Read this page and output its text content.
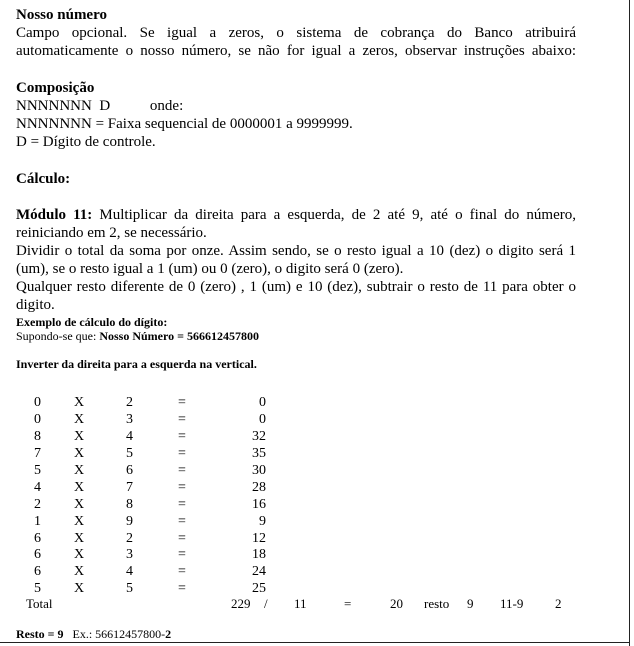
Nosso número
Campo opcional. Se igual a zeros, o sistema de cobrança do Banco atribuirá automaticamente o nosso número, se não for igual a zeros, observar instruções abaixo:
Composição
NNNNNNN  D	onde:
NNNNNNN = Faixa sequencial de 0000001 a 9999999.
D = Dígito de controle.
Cálculo:
Módulo 11: Multiplicar da direita para a esquerda, de 2 até 9, até o final do número, reiniciando em 2, se necessário.
Dividir o total da soma por onze. Assim sendo, se o resto igual a 10 (dez) o digito será 1 (um), se o resto igual a 1 (um) ou 0 (zero), o digito será 0 (zero).
Qualquer resto diferente de 0 (zero) , 1 (um) e 10 (dez), subtrair o resto de 11 para obter o digito.
Exemplo de cálculo do dígito:
Supondo-se que: Nosso Número = 566612457800
Inverter da direita para a esquerda na vertical.
0	X	2	=	0
0	X	3	=	0
8	X	4	=	32
7	X	5	=	35
5	X	6	=	30
4	X	7	=	28
2	X	8	=	16
1	X	9	=	9
6	X	2	=	12
6	X	3	=	18
6	X	4	=	24
5	X	5	=	25
Total	229 / 11	=	20 resto 9 11-9 2
Resto = 9   Ex.: 56612457800-2
